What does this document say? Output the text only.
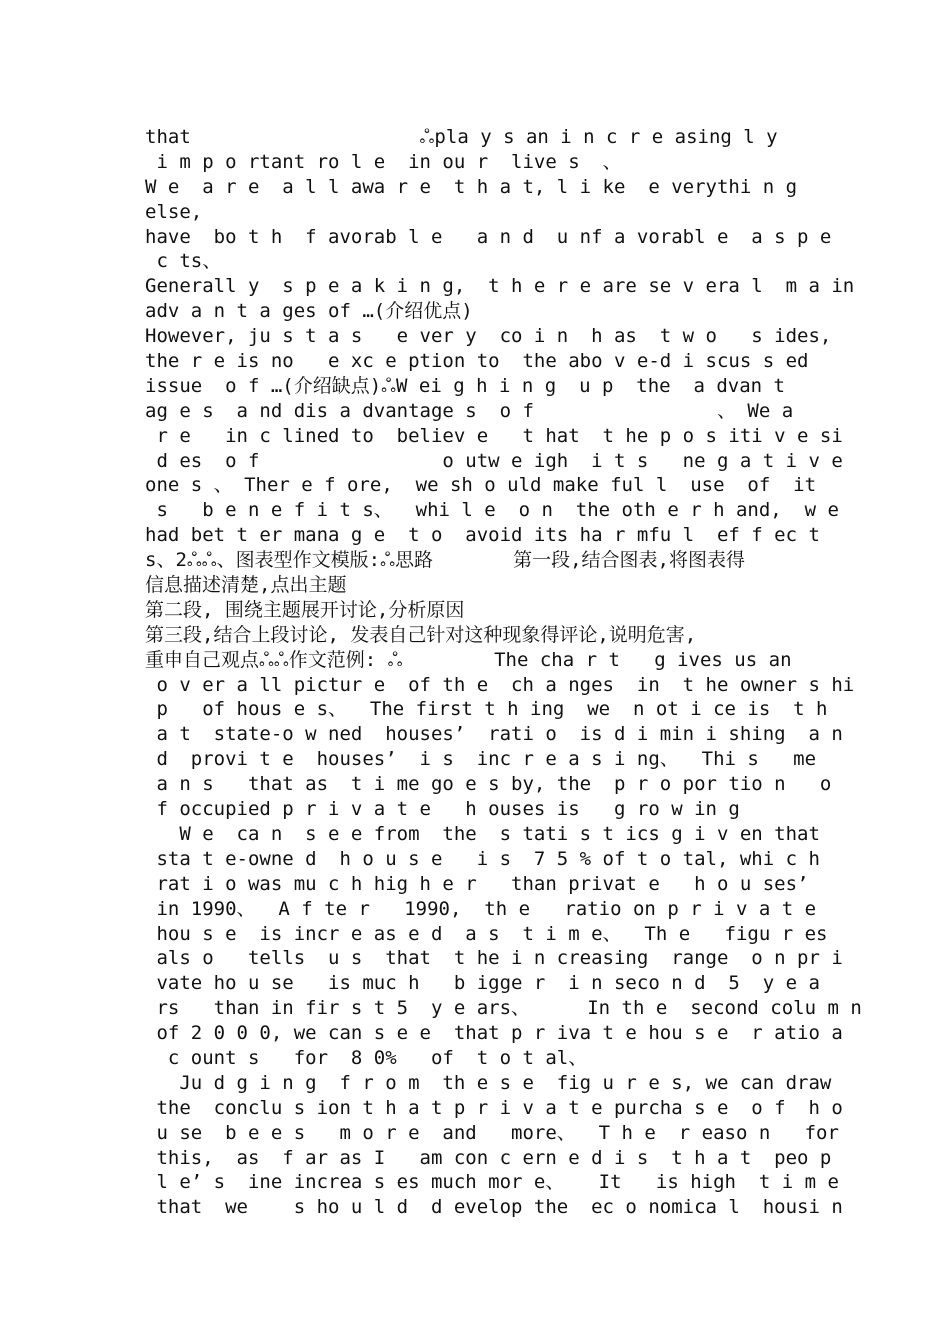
that                    ஃpla y s an i n c r e asing l y
i m p o rtant ro l e  in ou r  live s  、
W e  a r e  a l l awa r e  t h a t, l i ke  e verythi n g
else,
have  bo t h  f avorab l e   a n d  u nf a vorabl e  a s p e
c ts、
Generall y  s p e a k i n g,  t h e r e are se v era l  m a in
adv a n t a ges of …(介绍优点)
However, ju s t a s   e ver y  co i n  h as  t w o   s ides,
the r e is no   e xc e ption to  the abo v e-d i scus s ed
issue  o f …(介绍缺点)ஃW ei g h i n g  u p  the  a dvan t
ag e s  a nd dis a dvantage s  o f                、 We a
r e   in c lined to  believ e   t hat  t he p o s iti v e si
d es  o f                o utw e igh  i t s   ne g a t i v e
one s 、 Ther e f ore,  we sh o uld make ful l  use  of  it
s   b e n e f i t s、  whi l e  o n  the oth e r h and,  w e
had bet t er mana g e  t o  avoid its ha r mfu l  ef f ec t
s、2ஃஃ、图表型作文模版:ஃ思路       第一段,结合图表,将图表得
信息描述清楚,点出主题
第二段, 围绕主题展开讨论,分析原因
第三段,结合上段讨论, 发表自己针对这种现象得评论,说明危害,
重申自己观点ஃஃ作文范例: ஃ        The cha r t   g ives us an
o v er a ll pictur e  of th e  ch a nges  in  t he owner s hi
p   of hous e s、  The first t h ing  we  n ot i ce is  t h
a t  state-o w ned  houses’  rati o  is d i min i shing  a n
d  provi t e  houses’  i s  inc r e a s i ng、  Thi s   me
a n s   that as  t i me go e s by, the  p r o por tio n   o
f occupied p r i v a t e   h ouses is   g ro w in g
W e  ca n  s e e from  the  s tati s t ics g i v en that
sta t e-owne d  h o u s e   i s  7 5 % of t o tal, whi c h
rat i o was mu c h hig h e r   than privat e   h o u ses’
in 1990、  A f te r   1990,  th e   ratio on p r i v a t e
hou s e  is incr e as e d  a s  t i m e、  Th e   figu r es
als o   tells  u s  that  t he i n creasing  range  o n pr i
vate ho u se   is muc h   b igge r  i n seco n d  5  y e a
rs   than in fir s t 5  y e ars、     In th e  second colu m n
of 2 0 0 0, we can s e e  that p r iva t e hou s e  r atio a
c ount s   for  8 0%   of  t o t al、
Ju d g i n g  f r o m  th e s e  fig u r e s, we can draw
the  conclu s ion t h a t p r i v a t e purcha s e  o f  h o
u se  b e e s   m o r e  and   more、  T h e  r easo n   for
this,  as  f ar as I   am con c ern e d i s  t h a t  peo p
l e’ s  ine increa s es much mor e、   It   is high  t i m e
that  we    s ho u l d  d evelop the  ec o nomica l  housi n
